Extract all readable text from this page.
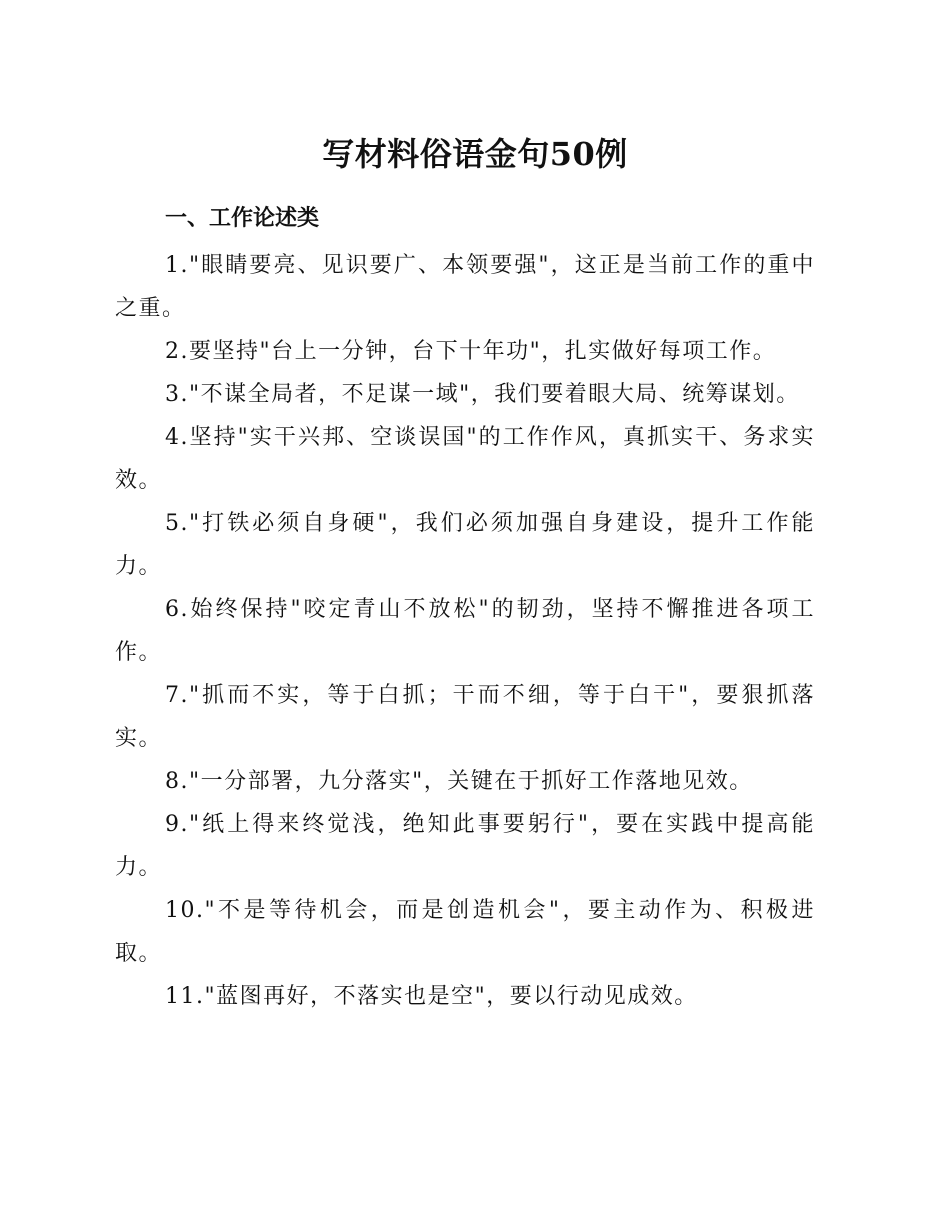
写材料俗语金句50例
一、工作论述类
1."眼睛要亮、见识要广、本领要强"，这正是当前工作的重中之重。
2.要坚持"台上一分钟，台下十年功"，扎实做好每项工作。
3."不谋全局者，不足谋一域"，我们要着眼大局、统筹谋划。
4.坚持"实干兴邦、空谈误国"的工作作风，真抓实干、务求实效。
5."打铁必须自身硬"，我们必须加强自身建设，提升工作能力。
6.始终保持"咬定青山不放松"的韧劲，坚持不懈推进各项工作。
7."抓而不实，等于白抓；干而不细，等于白干"，要狠抓落实。
8."一分部署，九分落实"，关键在于抓好工作落地见效。
9."纸上得来终觉浅，绝知此事要躬行"，要在实践中提高能力。
10."不是等待机会，而是创造机会"，要主动作为、积极进取。
11."蓝图再好，不落实也是空"，要以行动见成效。
